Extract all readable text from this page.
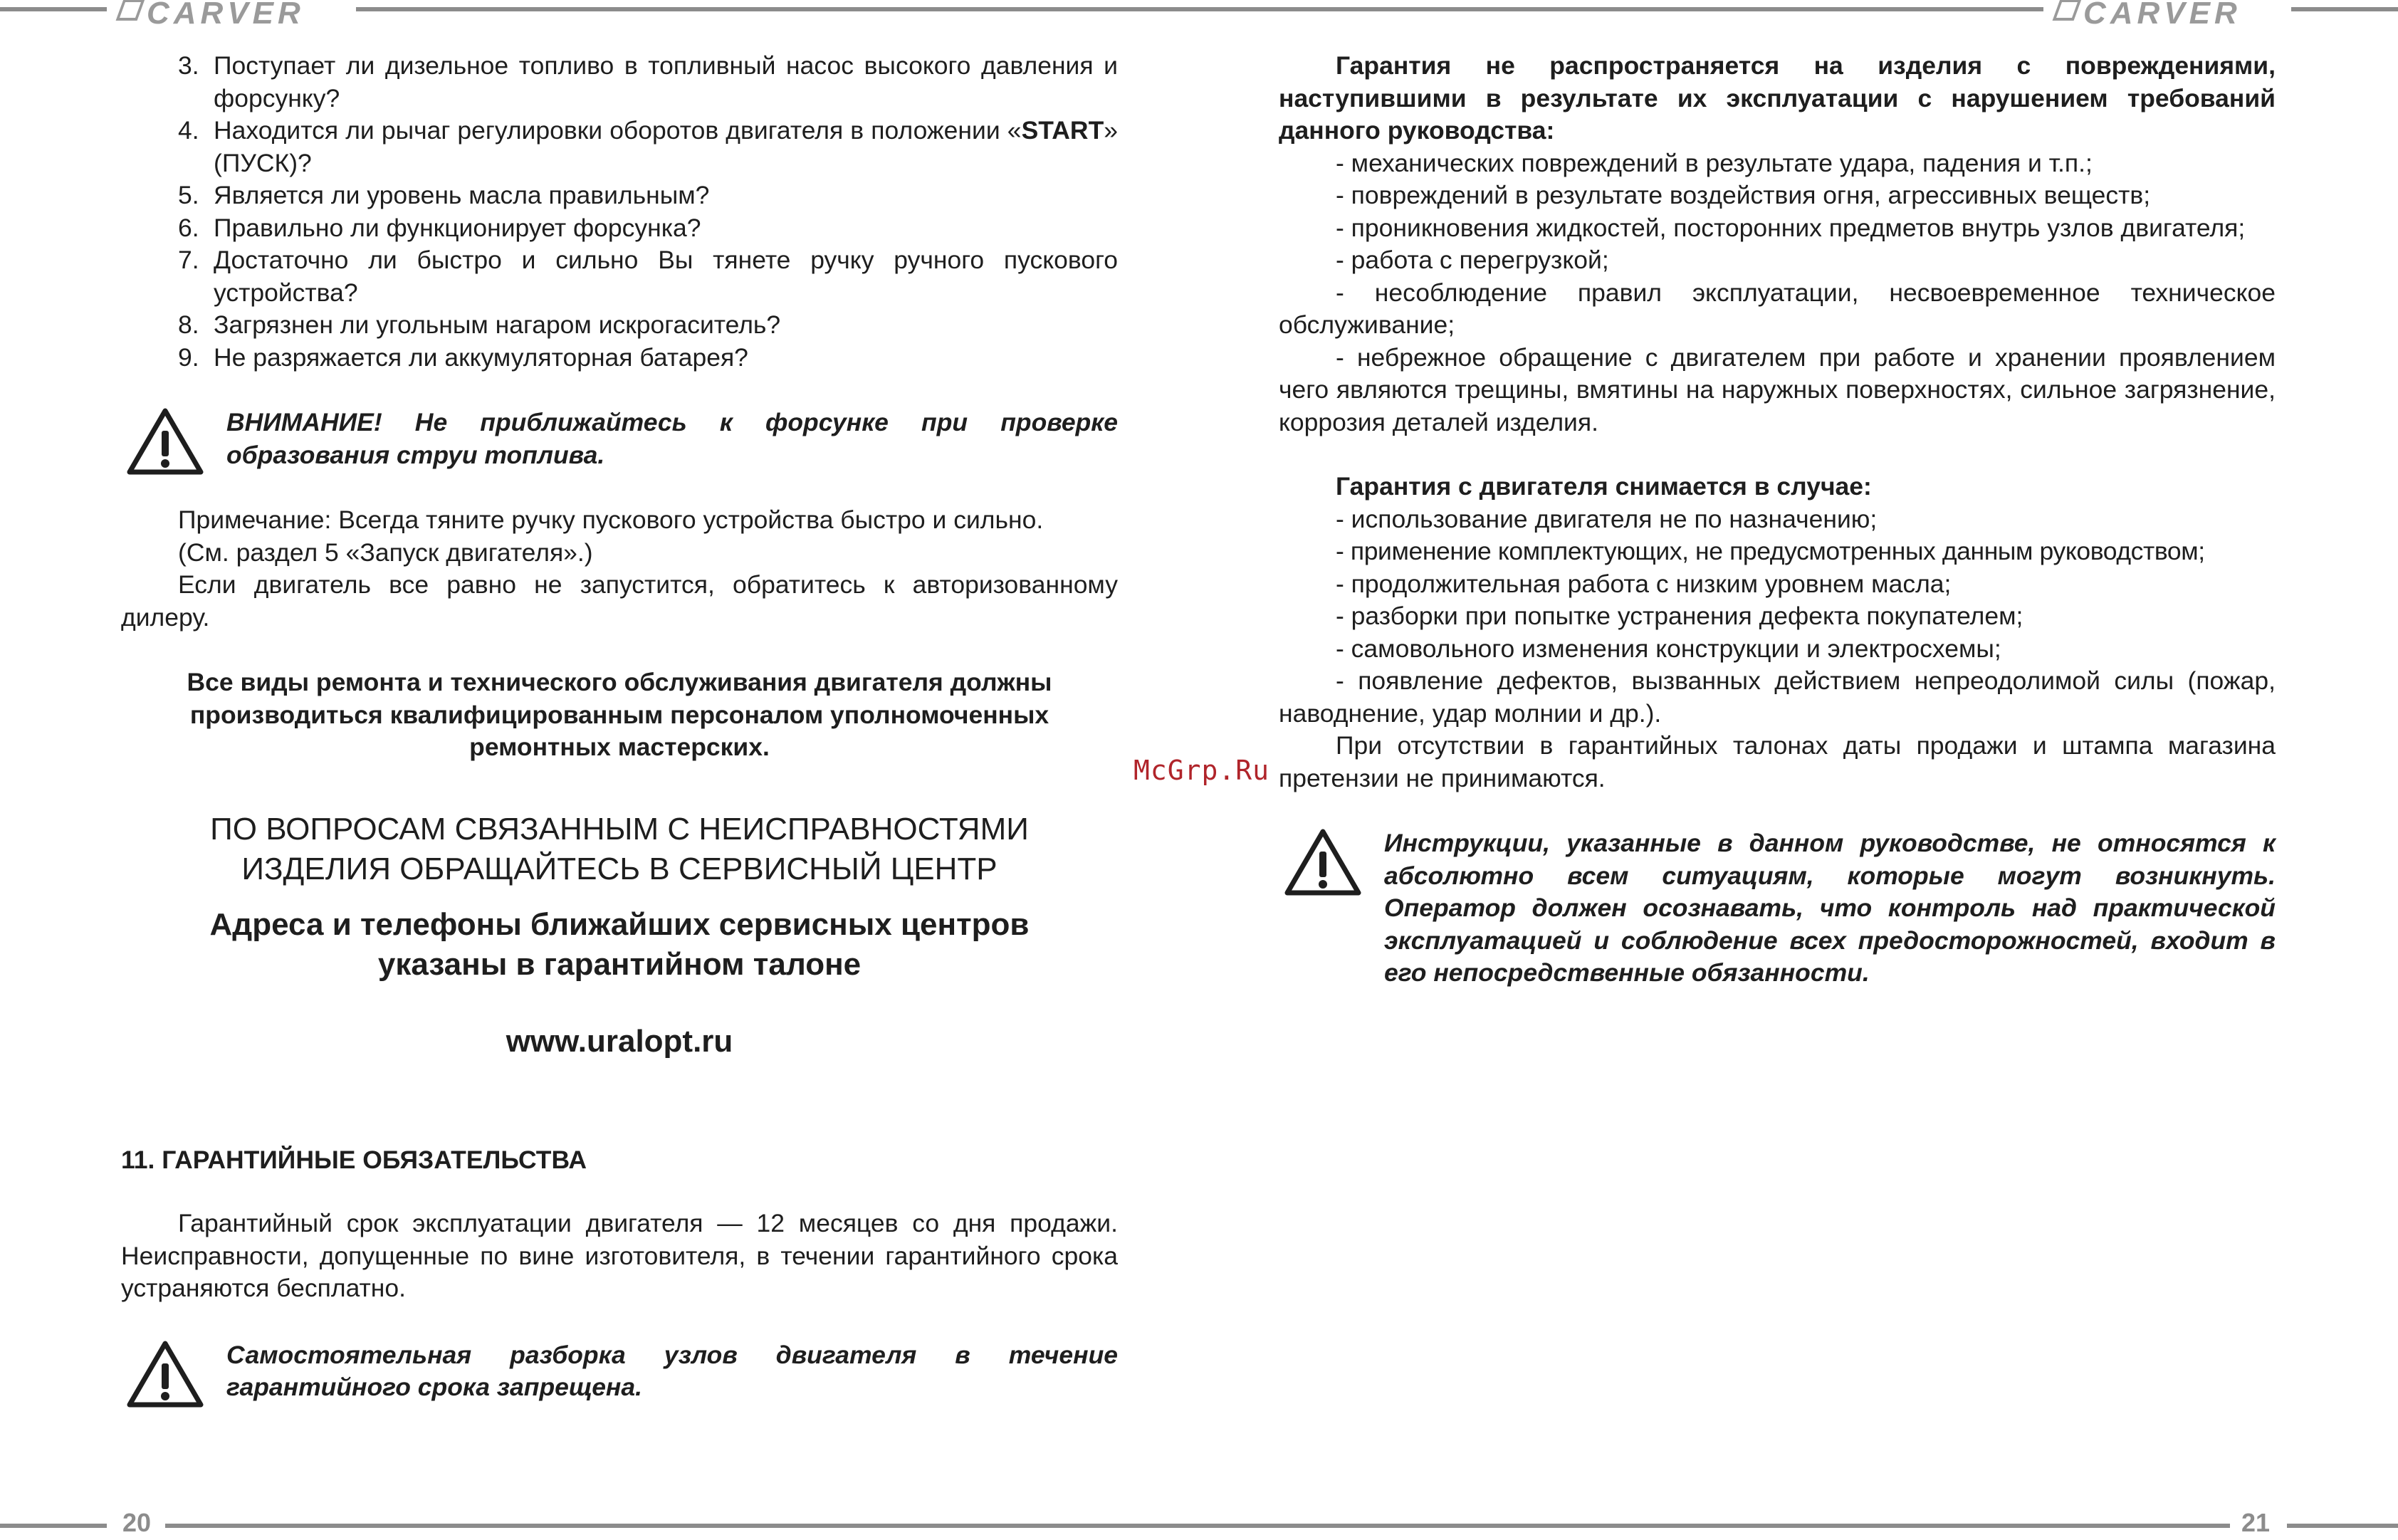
CARVER	CARVER
3. Поступает ли дизельное топливо в топливный насос высокого давления и форсунку?
4. Находится ли рычаг регулировки оборотов двигателя в положении «START» (ПУСК)?
5. Является ли уровень масла правильным?
6. Правильно ли функционирует форсунка?
7. Достаточно ли быстро и сильно Вы тянете ручку ручного пускового устройства?
8. Загрязнен ли угольным нагаром искрогаситель?
9. Не разряжается ли аккумуляторная батарея?
ВНИМАНИЕ! Не приближайтесь к форсунке при проверке образования струи топлива.

Примечание: Всегда тяните ручку пускового устройства быстро и сильно.

(См. раздел 5 «Запуск двигателя».)

Если двигатель все равно не запустится, обратитесь к авторизованному дилеру.

Все виды ремонта и технического обслуживания двигателя должны производиться квалифицированным персоналом уполномоченных ремонтных мастерских.

ПО ВОПРОСАМ СВЯЗАННЫМ С НЕИСПРАВНОСТЯМИ ИЗДЕЛИЯ ОБРАЩАЙТЕСЬ В СЕРВИСНЫЙ ЦЕНТР

Адреса и телефоны ближайших сервисных центров указаны в гарантийном талоне

www.uralopt.ru

11. ГАРАНТИЙНЫЕ ОБЯЗАТЕЛЬСТВА

Гарантийный срок эксплуатации двигателя — 12 месяцев со дня продажи. Неисправности, допущенные по вине изготовителя, в течении гарантийного срока устраняются бесплатно.

Самостоятельная разборка узлов двигателя в течение гарантийного срока запрещена.

Гарантия не распространяется на изделия с повреждениями, наступившими в результате их эксплуатации с нарушением требований данного руководства:

- механических повреждений в результате удара, падения и т.п.;

- повреждений в результате воздействия огня, агрессивных веществ;

- проникновения жидкостей, посторонних предметов внутрь узлов двигателя;

- работа с перегрузкой;

- несоблюдение правил эксплуатации, несвоевременное техническое обслуживание;

- небрежное обращение с двигателем при работе и хранении проявлением чего являются трещины, вмятины на наружных поверхностях, сильное загрязнение, коррозия деталей изделия.

Гарантия с двигателя снимается в случае:

- использование двигателя не по назначению;

- применение комплектующих, не предусмотренных данным руководством;

- продолжительная работа с низким уровнем масла;

- разборки при попытке устранения дефекта покупателем;

- самовольного изменения конструкции и электросхемы;

- появление дефектов, вызванных действием непреодолимой силы (пожар, наводнение, удар молнии и др.).

При отсутствии в гарантийных талонах даты продажи и штампа магазина претензии не принимаются.

Инструкции, указанные в данном руководстве, не относятся к абсолютно всем ситуациям, которые могут возникнуть. Оператор должен осознавать, что контроль над практической эксплуатацией и соблюдение всех предосторожностей, входит в его непосредственные обязанности.
McGrp.Ru
20	21
